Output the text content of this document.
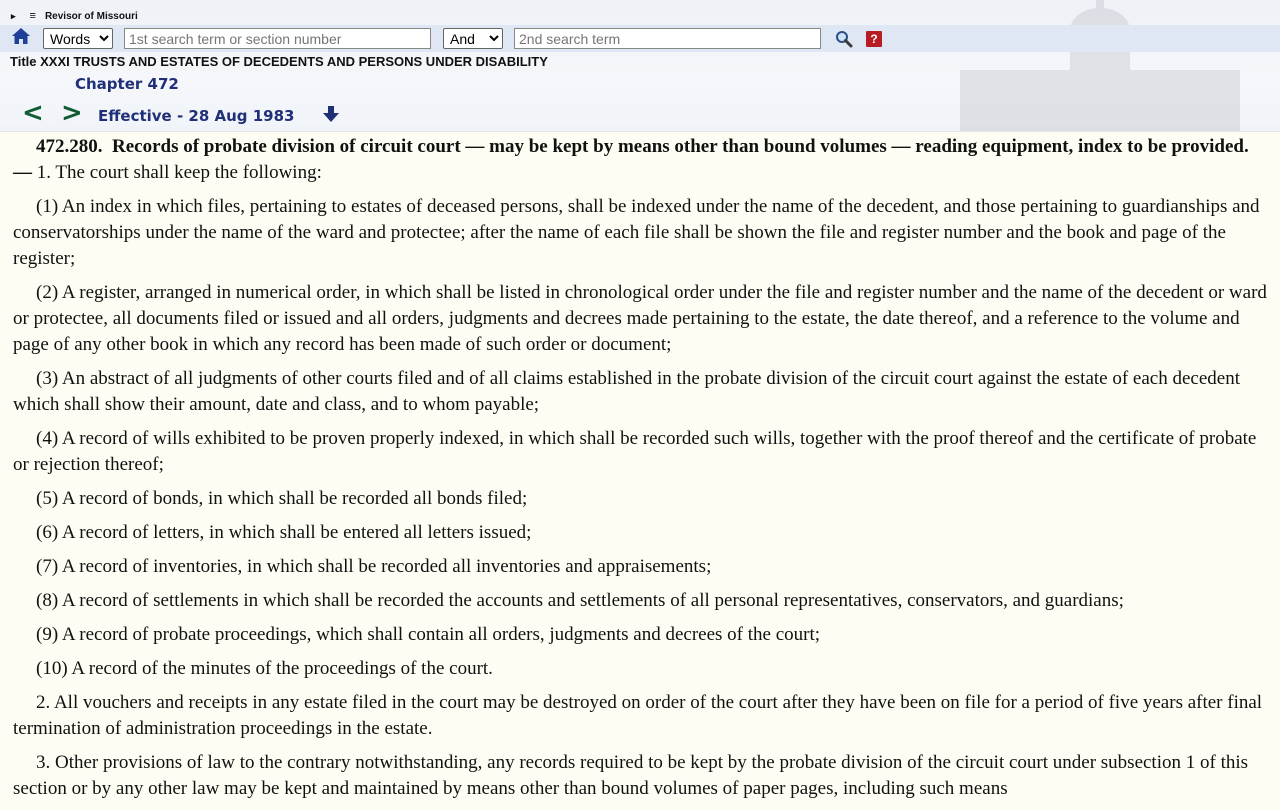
▸ ≡ Revisor of Missouri
Words
1st search term or section number
And
2nd search term
?
Title XXXI TRUSTS AND ESTATES OF DECEDENTS AND PERSONS UNDER DISABILITY
Chapter 472
< > Effective - 28 Aug 1983

472.280. Records of probate division of circuit court — may be kept by means other than bound volumes — reading equipment, index to be provided. — 1. The court shall keep the following:

(1) An index in which files, pertaining to estates of deceased persons, shall be indexed under the name of the decedent, and those pertaining to guardianships and conservatorships under the name of the ward and protectee; after the name of each file shall be shown the file and register number and the book and page of the register;

(2) A register, arranged in numerical order, in which shall be listed in chronological order under the file and register number and the name of the decedent or ward or protectee, all documents filed or issued and all orders, judgments and decrees made pertaining to the estate, the date thereof, and a reference to the volume and page of any other book in which any record has been made of such order or document;

(3) An abstract of all judgments of other courts filed and of all claims established in the probate division of the circuit court against the estate of each decedent which shall show their amount, date and class, and to whom payable;

(4) A record of wills exhibited to be proven properly indexed, in which shall be recorded such wills, together with the proof thereof and the certificate of probate or rejection thereof;

(5) A record of bonds, in which shall be recorded all bonds filed;

(6) A record of letters, in which shall be entered all letters issued;

(7) A record of inventories, in which shall be recorded all inventories and appraisements;

(8) A record of settlements in which shall be recorded the accounts and settlements of all personal representatives, conservators, and guardians;

(9) A record of probate proceedings, which shall contain all orders, judgments and decrees of the court;

(10) A record of the minutes of the proceedings of the court.

2. All vouchers and receipts in any estate filed in the court may be destroyed on order of the court after they have been on file for a period of five years after final termination of administration proceedings in the estate.

3. Other provisions of law to the contrary notwithstanding, any records required to be kept by the probate division of the circuit court under subsection 1 of this section or by any other law may be kept and maintained by means other than bound volumes of paper pages, including such means
